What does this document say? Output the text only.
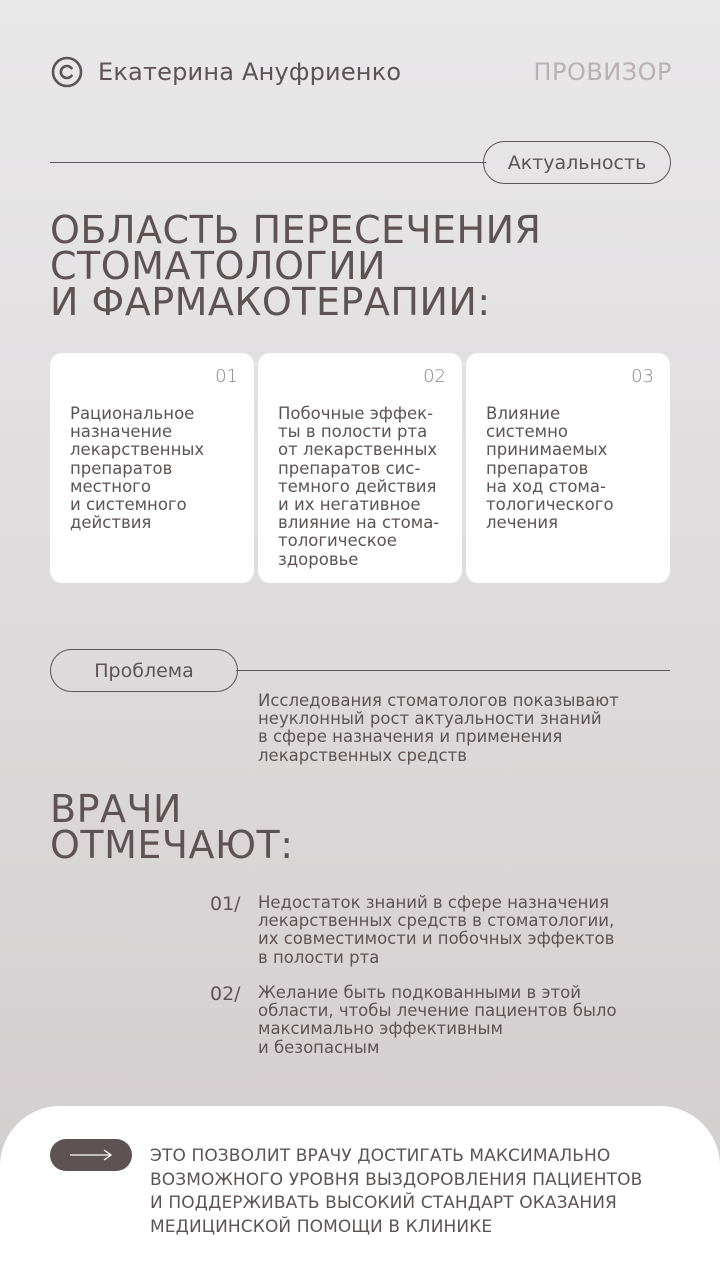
Екатерина Ануфриенко	ПРОВИЗОР
Актуальность
ОБЛАСТЬ ПЕРЕСЕЧЕНИЯ
СТОМАТОЛОГИИ
И ФАРМАКОТЕРАПИИ:
01
Рациональное
назначение
лекарственных
препаратов
местного
и системного
действия
02
Побочные эффек-
ты в полости рта
от лекарственных
препаратов сис-
темного действия
и их негативное
влияние на стома-
тологическое
здоровье
03
Влияние
системно
принимаемых
препаратов
на ход стома-
тологического
лечения
Проблема
Исследования стоматологов показывают
неуклонный рост актуальности знаний
в сфере назначения и применения
лекарственных средств
ВРАЧИ
ОТМЕЧАЮТ:
01/	Недостаток знаний в сфере назначения
лекарственных средств в стоматологии,
их совместимости и побочных эффектов
в полости рта
02/	Желание быть подкованными в этой
области, чтобы лечение пациентов было
максимально эффективным
и безопасным
ЭТО ПОЗВОЛИТ ВРАЧУ ДОСТИГАТЬ МАКСИМАЛЬНО
ВОЗМОЖНОГО УРОВНЯ ВЫЗДОРОВЛЕНИЯ ПАЦИЕНТОВ
И ПОДДЕРЖИВАТЬ ВЫСОКИЙ СТАНДАРТ ОКАЗАНИЯ
МЕДИЦИНСКОЙ ПОМОЩИ В КЛИНИКЕ
